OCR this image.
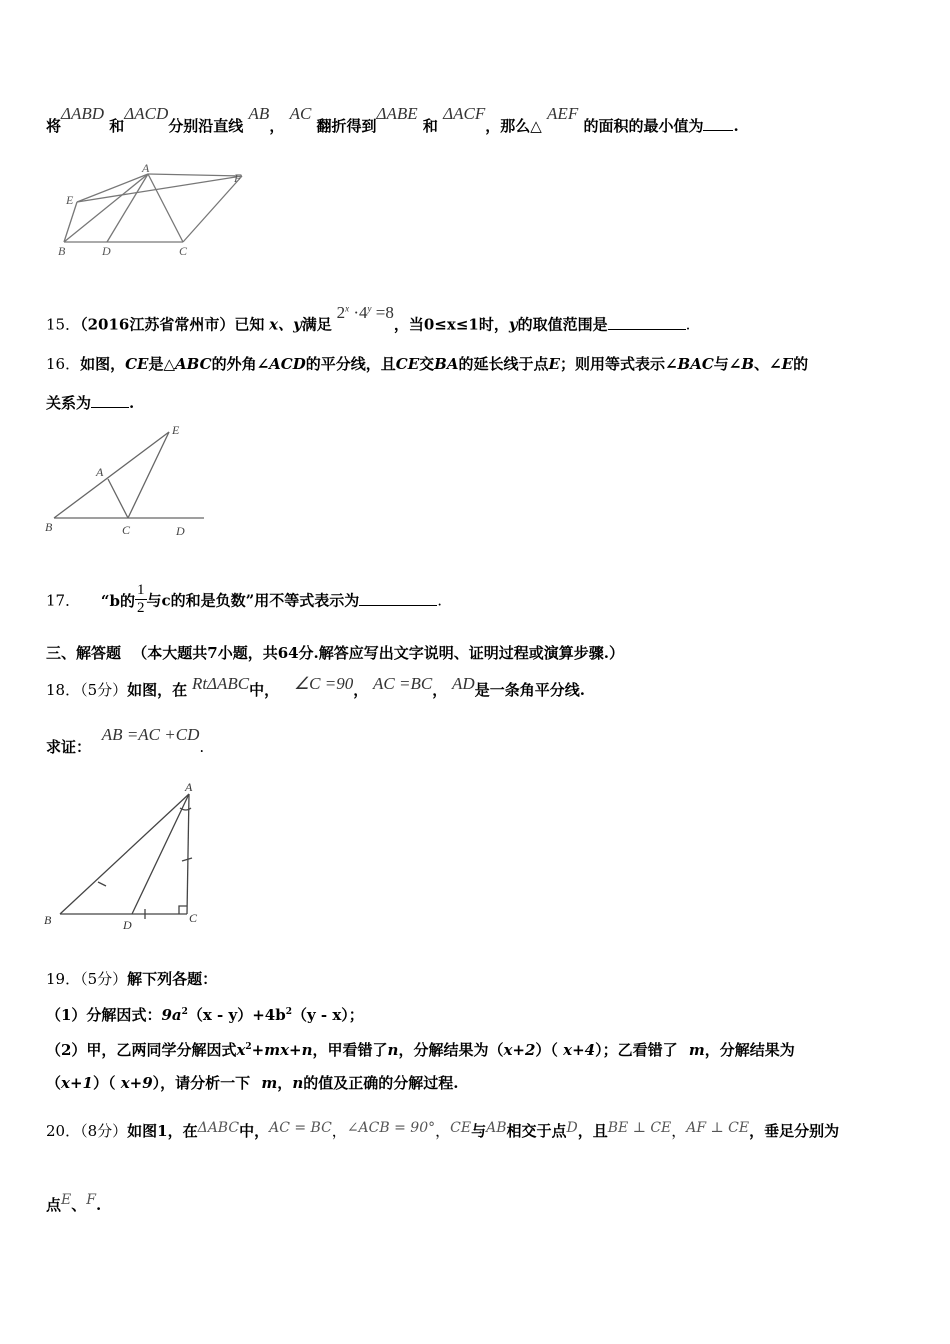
将ΔABD 和ΔACD分别沿直线 AB， AC 翻折得到ΔABE 和 ΔACF，那么△ AEF 的面积的最小值为 .
A
F
E
B	D	C
15．（2016江苏省常州市）已知 x、y满足 $2^x \cdot 4^y =8$，当0≤x≤1时，y的取值范围是	.
16．如图，CE是△ABC的外角∠ACD的平分线，且CE交BA的延长线于点E；则用等式表示∠BAC与∠B、∠E的
关系为	.
E
A
B	C	D
17． “b的 $\frac{1}{2}$ 与c的和是负数”用不等式表示为	.
三、解答题 （本大题共7小题，共64分.解答应写出文字说明、证明过程或演算步骤.）
18．（5分）如图，在 RtΔABC中， ∠C =90， AC =BC， AD是一条角平分线.
求证： AB =AC +CD.
A
B	D	C
19．（5分）解下列各题：
（1）分解因式：$9a^2(x - y)+4b^2(y - x)$；
（2）甲，乙两同学分解因式$x^2+mx+n$，甲看错了n，分解结果为（x+2）（ x+4）；乙看错了 m，分解结果为
（x+1）（ x+9），请分析一下 m，n的值及正确的分解过程.
20．（8分）如图1，在ΔABC中，AC = BC，∠ACB = 90°，CE与AB相交于点D，且BE ⊥ CE，AF ⊥ CE，垂足分别为
点E、F.
